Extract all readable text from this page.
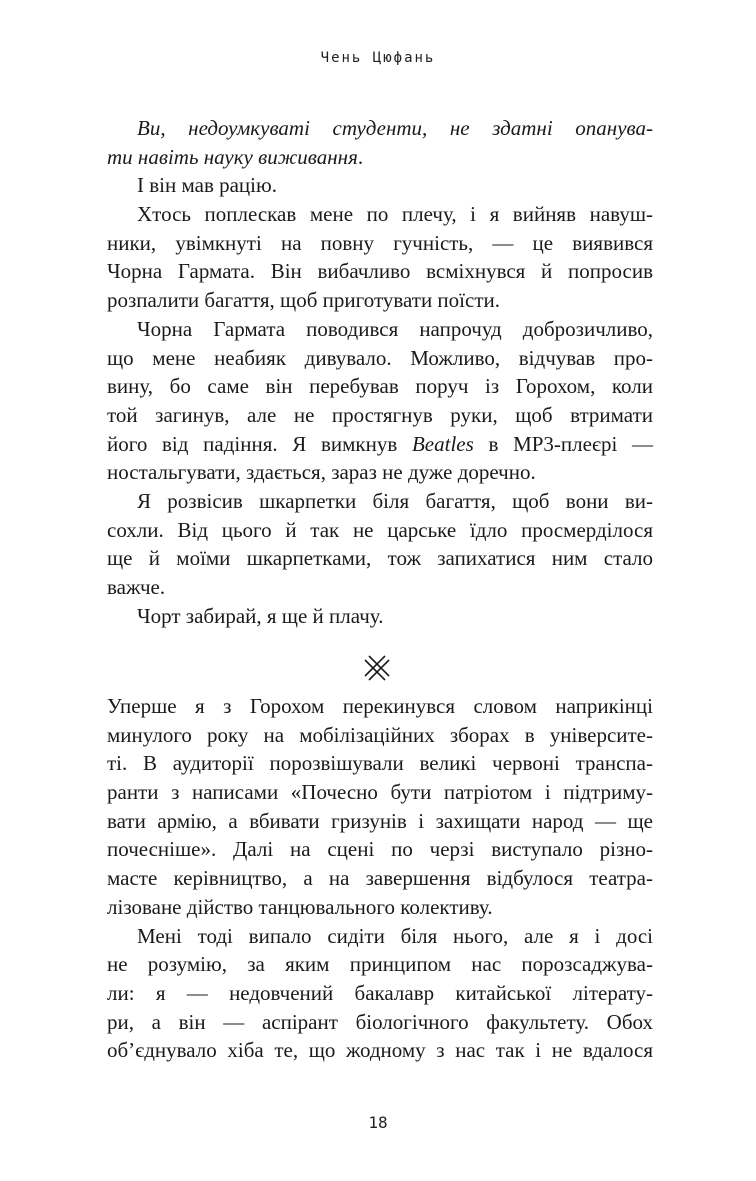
Чень Цюфань
Ви, недоумкуваті студенти, не здатні опанува-
ти навіть науку виживання.
І він мав рацію.
Хтось поплескав мене по плечу, і я вийняв навуш-
ники, увімкнуті на повну гучність, — це виявився
Чорна Гармата. Він вибачливо всміхнувся й попросив
розпалити багаття, щоб приготувати поїсти.
Чорна Гармата поводився напрочуд доброзичливо,
що мене неабияк дивувало. Можливо, відчував про-
вину, бо саме він перебував поруч із Горохом, коли
той загинув, але не простягнув руки, щоб втримати
його від падіння. Я вимкнув Beatles в MP3-плеєрі —
ностальгувати, здається, зараз не дуже доречно.
Я розвісив шкарпетки біля багаття, щоб вони ви-
сохли. Від цього й так не царське їдло просмерділося
ще й моїми шкарпетками, тож запихатися ним стало
важче.
Чорт забирай, я ще й плачу.
Уперше я з Горохом перекинувся словом наприкінці
минулого року на мобілізаційних зборах в університе-
ті. В аудиторії порозвішували великі червоні транспа-
ранти з написами «Почесно бути патріотом і підтриму-
вати армію, а вбивати гризунів і захищати народ — ще
почесніше». Далі на сцені по черзі виступало різно-
масте керівництво, а на завершення відбулося театра-
лізоване дійство танцювального колективу.
Мені тоді випало сидіти біля нього, але я і досі
не розумію, за яким принципом нас порозсаджува-
ли: я — недовчений бакалавр китайської літерату-
ри, а він — аспірант біологічного факультету. Обох
об’єднувало хіба те, що жодному з нас так і не вдалося
18
